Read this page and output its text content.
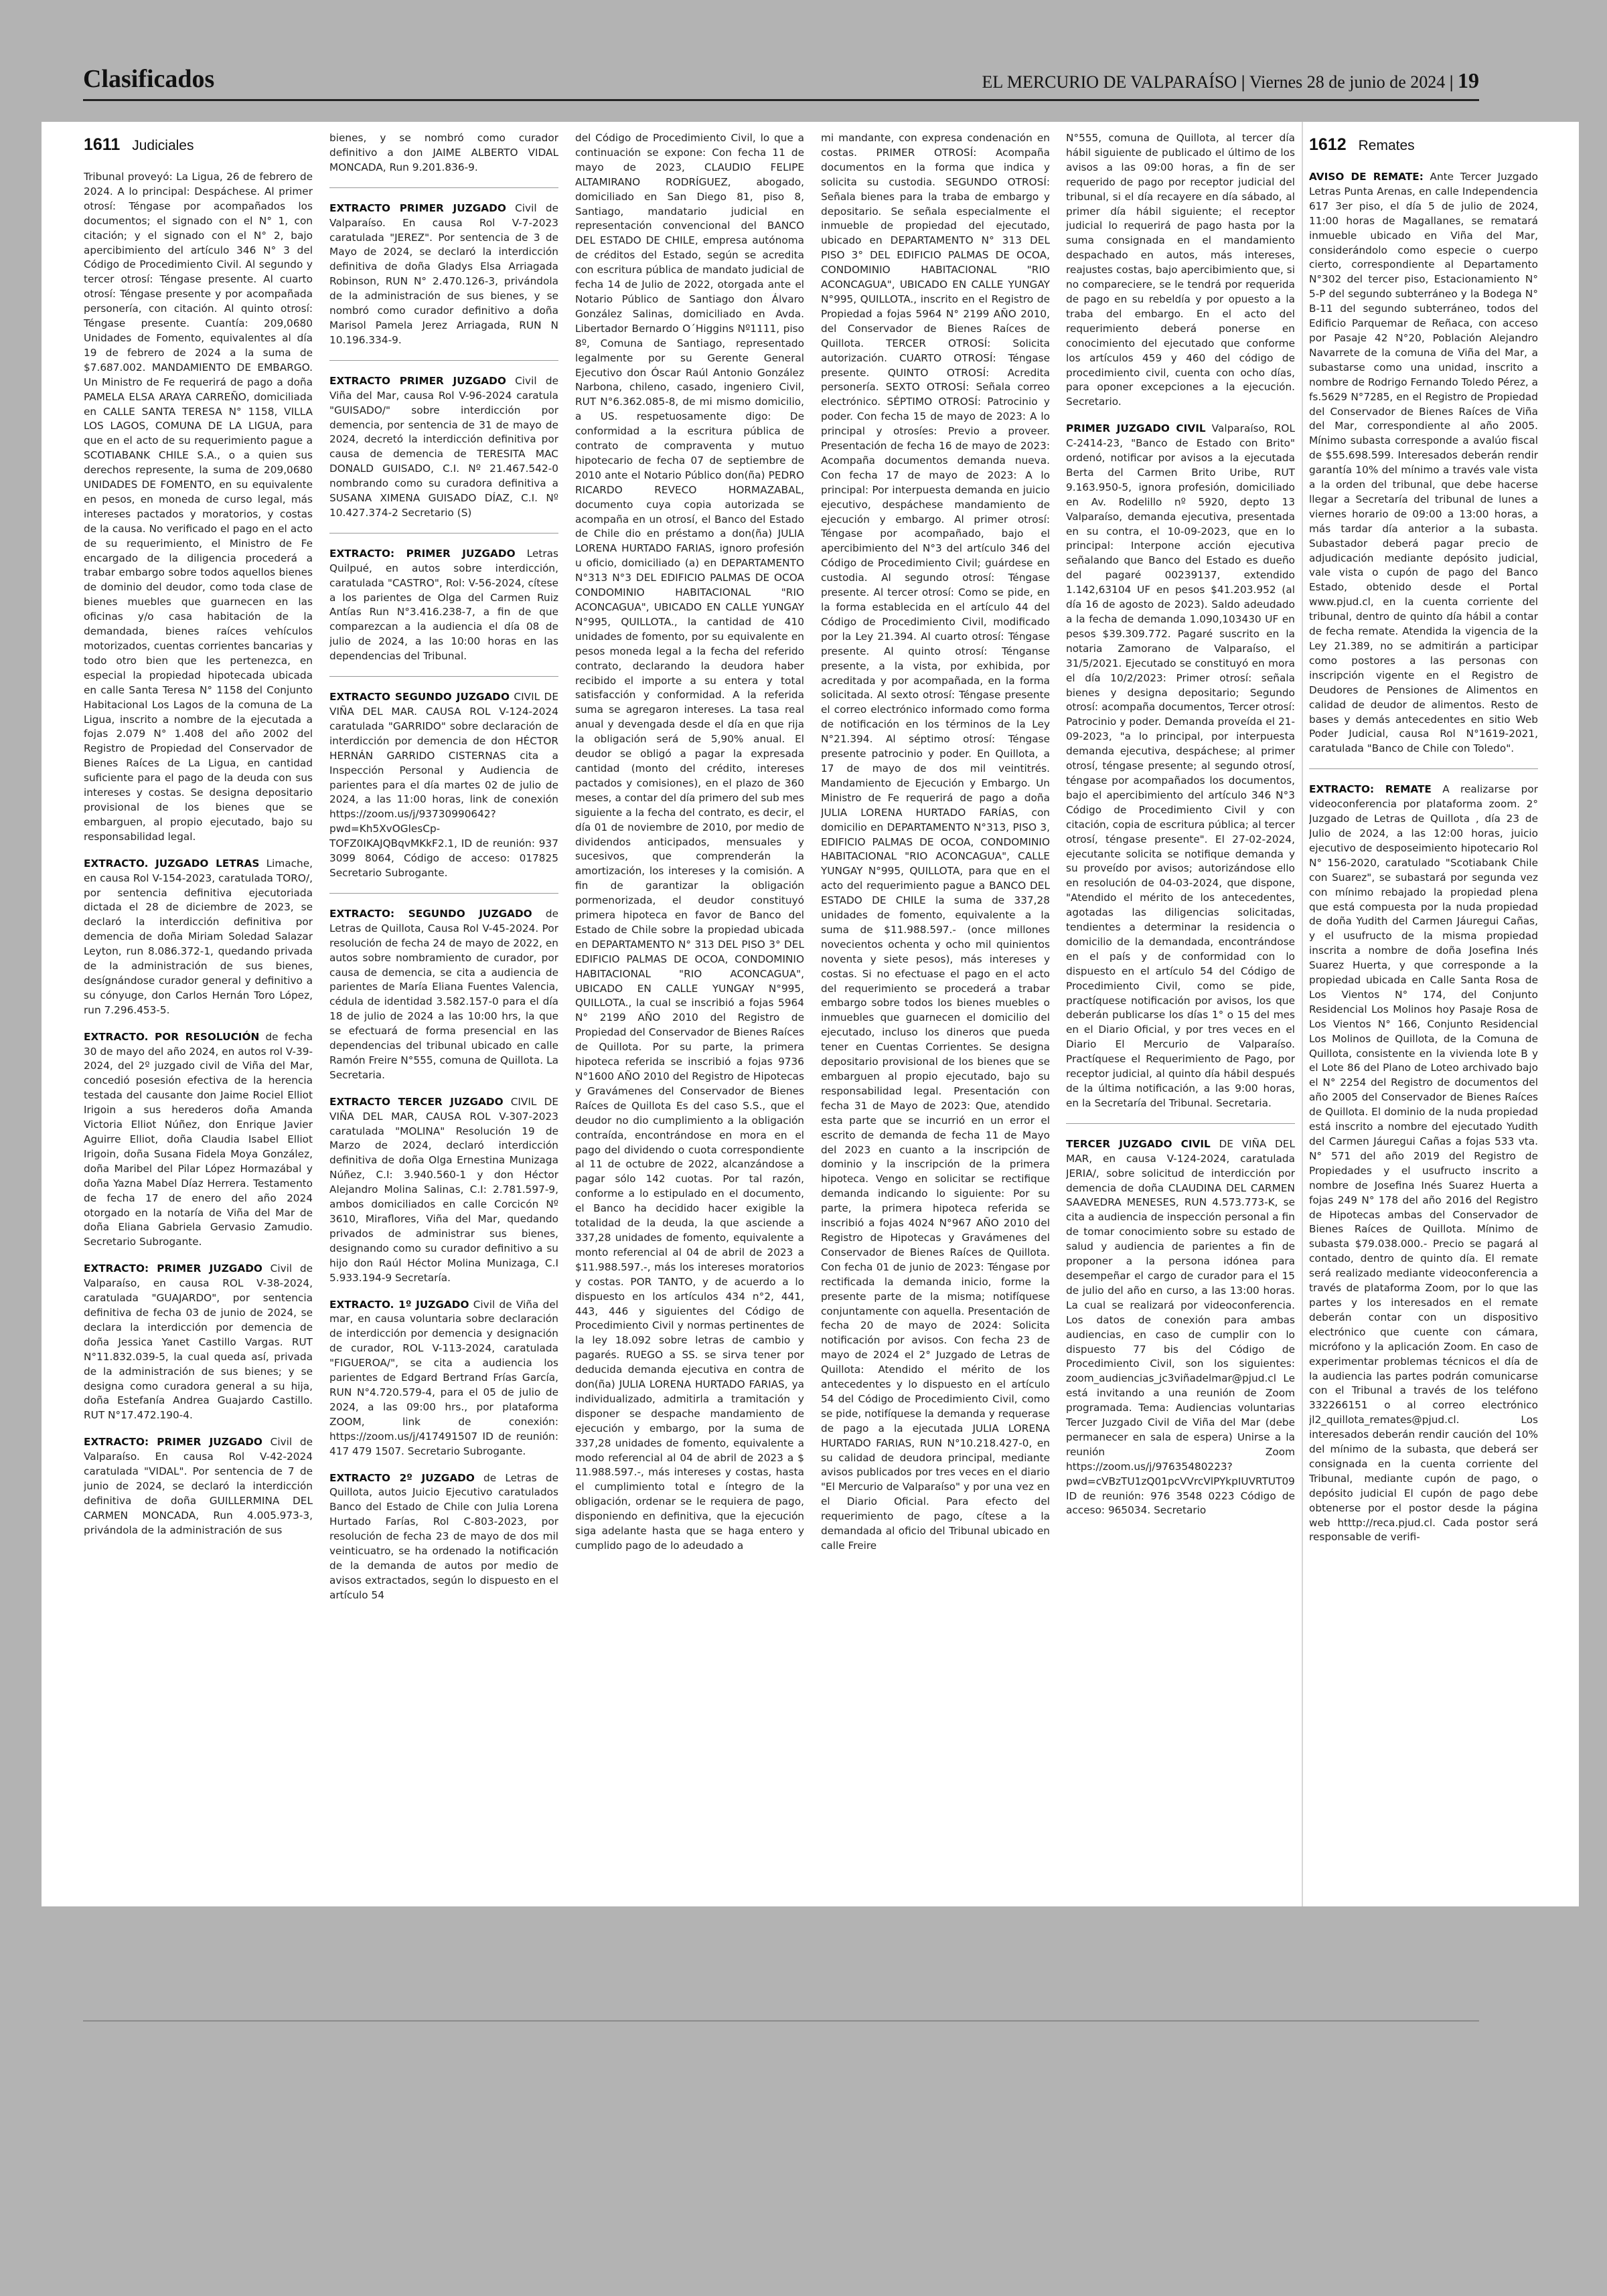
Clasificados	EL MERCURIO DE VALPARAÍSO | Viernes 28 de junio de 2024 | 19
1611 Judiciales

Tribunal proveyó: La Ligua, 26 de febrero de 2024. A lo principal: Despáchese. Al primer otrosí: Téngase por acompañados los documentos; el signado con el N° 1, con citación; y el signado con el N° 2, bajo apercibimiento del artículo 346 N° 3 del Código de Procedimiento Civil. Al segundo y tercer otrosí: Téngase presente. Al cuarto otrosí: Téngase presente y por acompañada personería, con citación. Al quinto otrosí: Téngase presente. Cuantía: 209,0680 Unidades de Fomento, equivalentes al día 19 de febrero de 2024 a la suma de $7.687.002. MANDAMIENTO DE EMBARGO. Un Ministro de Fe requerirá de pago a doña PAMELA ELSA ARAYA CARREÑO, domiciliada en CALLE SANTA TERESA N° 1158, VILLA LOS LAGOS, COMUNA DE LA LIGUA, para que en el acto de su requerimiento pague a SCOTIABANK CHILE S.A., o a quien sus derechos represente, la suma de 209,0680 UNIDADES DE FOMENTO, en su equivalente en pesos, en moneda de curso legal, más intereses pactados y moratorios, y costas de la causa. No verificado el pago en el acto de su requerimiento, el Ministro de Fe encargado de la diligencia procederá a trabar embargo sobre todos aquellos bienes de dominio del deudor, como toda clase de bienes muebles que guarnecen en las oficinas y/o casa habitación de la demandada, bienes raíces vehículos motorizados, cuentas corrientes bancarias y todo otro bien que les pertenezca, en especial la propiedad hipotecada ubicada en calle Santa Teresa N° 1158 del Conjunto Habitacional Los Lagos de la comuna de La Ligua, inscrito a nombre de la ejecutada a fojas 2.079 N° 1.408 del año 2002 del Registro de Propiedad del Conservador de Bienes Raíces de La Ligua, en cantidad suficiente para el pago de la deuda con sus intereses y costas. Se designa depositario provisional de los bienes que se embarguen, al propio ejecutado, bajo su responsabilidad legal.

EXTRACTO. JUZGADO LETRAS Limache, en causa Rol V-154-2023, caratulada TORO/, por sentencia definitiva ejecutoriada dictada el 28 de diciembre de 2023, se declaró la interdicción definitiva por demencia de doña Miriam Soledad Salazar Leyton, run 8.086.372-1, quedando privada de la administración de sus bienes, desígnándose curador general y definitivo a su cónyuge, don Carlos Hernán Toro López, run 7.296.453-5.

EXTRACTO. POR RESOLUCIÓN de fecha 30 de mayo del año 2024, en autos rol V-39-2024, del 2º juzgado civil de Viña del Mar, concedió posesión efectiva de la herencia testada del causante don Jaime Rociel Elliot Irigoin a sus herederos doña Amanda Victoria Elliot Núñez, don Enrique Javier Aguirre Elliot, doña Claudia Isabel Elliot Irigoin, doña Susana Fidela Moya González, doña Maribel del Pilar López Hormazábal y doña Yazna Mabel Díaz Herrera. Testamento de fecha 17 de enero del año 2024 otorgado en la notaría de Viña del Mar de doña Eliana Gabriela Gervasio Zamudio. Secretario Subrogante.

EXTRACTO: PRIMER JUZGADO Civil de Valparaíso, en causa ROL V-38-2024, caratulada "GUAJARDO", por sentencia definitiva de fecha 03 de junio de 2024, se declara la interdicción por demencia de doña Jessica Yanet Castillo Vargas. RUT N°11.832.039-5, la cual queda así, privada de la administración de sus bienes; y se designa como curadora general a su hija, doña Estefanía Andrea Guajardo Castillo. RUT N°17.472.190-4.

EXTRACTO: PRIMER JUZGADO Civil de Valparaíso. En causa Rol V-42-2024 caratulada "VIDAL". Por sentencia de 7 de junio de 2024, se declaró la interdicción definitiva de doña GUILLERMINA DEL CARMEN MONCADA, Run 4.005.973-3, privándola de la administración de sus

bienes, y se nombró como curador definitivo a don JAIME ALBERTO VIDAL MONCADA, Run 9.201.836-9.

EXTRACTO PRIMER JUZGADO Civil de Valparaíso. En causa Rol V-7-2023 caratulada "JEREZ". Por sentencia de 3 de Mayo de 2024, se declaró la interdicción definitiva de doña Gladys Elsa Arriagada Robinson, RUN N° 2.470.126-3, privándola de la administración de sus bienes, y se nombró como curador definitivo a doña Marisol Pamela Jerez Arriagada, RUN N 10.196.334-9.

EXTRACTO PRIMER JUZGADO Civil de Viña del Mar, causa Rol V-96-2024 caratula "GUISADO/" sobre interdicción por demencia, por sentencia de 31 de mayo de 2024, decretó la interdicción definitiva por causa de demencia de TERESITA MAC DONALD GUISADO, C.I. Nº 21.467.542-0 nombrando como su curadora definitiva a SUSANA XIMENA GUISADO DÍAZ, C.I. Nº 10.427.374-2 Secretario (S)

EXTRACTO: PRIMER JUZGADO Letras Quilpué, en autos sobre interdicción, caratulada "CASTRO", Rol: V-56-2024, cítese a los parientes de Olga del Carmen Ruiz Antías Run N°3.416.238-7, a fin de que comparezcan a la audiencia el día 08 de julio de 2024, a las 10:00 horas en las dependencias del Tribunal.

EXTRACTO SEGUNDO JUZGADO CIVIL DE VIÑA DEL MAR. CAUSA ROL V-124-2024 caratulada "GARRIDO" sobre declaración de interdicción por demencia de don HÉCTOR HERNÁN GARRIDO CISTERNAS cita a Inspección Personal y Audiencia de parientes para el día martes 02 de julio de 2024, a las 11:00 horas, link de conexión https://zoom.us/j/93730990642?pwd=Kh5XvOGlesCp-TOFZ0IKAJQBqvMKkF2.1, ID de reunión: 937 3099 8064, Código de acceso: 017825 Secretario Subrogante.

EXTRACTO: SEGUNDO JUZGADO de Letras de Quillota, Causa Rol V-45-2024. Por resolución de fecha 24 de mayo de 2022, en autos sobre nombramiento de curador, por causa de demencia, se cita a audiencia de parientes de María Eliana Fuentes Valencia, cédula de identidad 3.582.157-0 para el día 18 de julio de 2024 a las 10:00 hrs, la que se efectuará de forma presencial en las dependencias del tribunal ubicado en calle Ramón Freire N°555, comuna de Quillota. La Secretaria.

EXTRACTO TERCER JUZGADO CIVIL DE VIÑA DEL MAR, CAUSA ROL V-307-2023 caratulada "MOLINA" Resolución 19 de Marzo de 2024, declaró interdicción definitiva de doña Olga Ernestina Munizaga Núñez, C.I: 3.940.560-1 y don Héctor Alejandro Molina Salinas, C.I: 2.781.597-9, ambos domiciliados en calle Corcicón Nº 3610, Miraflores, Viña del Mar, quedando privados de administrar sus bienes, designando como su curador definitivo a su hijo don Raúl Héctor Molina Munizaga, C.I 5.933.194-9 Secretaría.

EXTRACTO. 1º JUZGADO Civil de Viña del mar, en causa voluntaria sobre declaración de interdicción por demencia y designación de curador, ROL V-113-2024, caratulada "FIGUEROA/", se cita a audiencia los parientes de Edgard Bertrand Frías García, RUN N°4.720.579-4, para el 05 de julio de 2024, a las 09:00 hrs., por plataforma ZOOM, link de conexión: https://zoom.us/j/417491507 ID de reunión: 417 479 1507. Secretario Subrogante.

EXTRACTO 2º JUZGADO de Letras de Quillota, autos Juicio Ejecutivo caratulados Banco del Estado de Chile con Julia Lorena Hurtado Farías, Rol C-803-2023, por resolución de fecha 23 de mayo de dos mil veinticuatro, se ha ordenado la notificación de la demanda de autos por medio de avisos extractados, según lo dispuesto en el artículo 54

del Código de Procedimiento Civil, lo que a continuación se expone: Con fecha 11 de mayo de 2023, CLAUDIO FELIPE ALTAMIRANO RODRÍGUEZ, abogado, domiciliado en San Diego 81, piso 8, Santiago, mandatario judicial en representación convencional del BANCO DEL ESTADO DE CHILE, empresa autónoma de créditos del Estado, según se acredita con escritura pública de mandato judicial de fecha 14 de Julio de 2022, otorgada ante el Notario Público de Santiago don Álvaro González Salinas, domiciliado en Avda. Libertador Bernardo O´Higgins Nº1111, piso 8º, Comuna de Santiago, representado legalmente por su Gerente General Ejecutivo don Óscar Raúl Antonio González Narbona, chileno, casado, ingeniero Civil, RUT N°6.362.085-8, de mi mismo domicilio, a US. respetuosamente digo: De conformidad a la escritura pública de contrato de compraventa y mutuo hipotecario de fecha 07 de septiembre de 2010 ante el Notario Público don(ña) PEDRO RICARDO REVECO HORMAZABAL, documento cuya copia autorizada se acompaña en un otrosí, el Banco del Estado de Chile dio en préstamo a don(ña) JULIA LORENA HURTADO FARIAS, ignoro profesión u oficio, domiciliado (a) en DEPARTAMENTO N°313 N°3 DEL EDIFICIO PALMAS DE OCOA CONDOMINIO HABITACIONAL "RIO ACONCAGUA", UBICADO EN CALLE YUNGAY N°995, QUILLOTA., la cantidad de 410 unidades de fomento, por su equivalente en pesos moneda legal a la fecha del referido contrato, declarando la deudora haber recibido el importe a su entera y total satisfacción y conformidad. A la referida suma se agregaron intereses. La tasa real anual y devengada desde el día en que rija la obligación será de 5,90% anual. El deudor se obligó a pagar la expresada cantidad (monto del crédito, intereses pactados y comisiones), en el plazo de 360 meses, a contar del día primero del sub mes siguiente a la fecha del contrato, es decir, el día 01 de noviembre de 2010, por medio de dividendos anticipados, mensuales y sucesivos, que comprenderán la amortización, los intereses y la comisión. A fin de garantizar la obligación pormenorizada, el deudor constituyó primera hipoteca en favor de Banco del Estado de Chile sobre la propiedad ubicada en DEPARTAMENTO N° 313 DEL PISO 3° DEL EDIFICIO PALMAS DE OCOA, CONDOMINIO HABITACIONAL "RIO ACONCAGUA", UBICADO EN CALLE YUNGAY N°995, QUILLOTA., la cual se inscribió a fojas 5964 N° 2199 AÑO 2010 del Registro de Propiedad del Conservador de Bienes Raíces de Quillota. Por su parte, la primera hipoteca referida se inscribió a fojas 9736 N°1600 AÑO 2010 del Registro de Hipotecas y Gravámenes del Conservador de Bienes Raíces de Quillota Es del caso S.S., que el deudor no dio cumplimiento a la obligación contraída, encontrándose en mora en el pago del dividendo o cuota correspondiente al 11 de octubre de 2022, alcanzándose a pagar sólo 142 cuotas. Por tal razón, conforme a lo estipulado en el documento, el Banco ha decidido hacer exigible la totalidad de la deuda, la que asciende a 337,28 unidades de fomento, equivalente a monto referencial al 04 de abril de 2023 a $11.988.597.-, más los intereses moratorios y costas. POR TANTO, y de acuerdo a lo dispuesto en los artículos 434 n°2, 441, 443, 446 y siguientes del Código de Procedimiento Civil y normas pertinentes de la ley 18.092 sobre letras de cambio y pagarés. RUEGO a SS. se sirva tener por deducida demanda ejecutiva en contra de don(ña) JULIA LORENA HURTADO FARIAS, ya individualizado, admitirla a tramitación y disponer se despache mandamiento de ejecución y embargo, por la suma de 337,28 unidades de fomento, equivalente a modo referencial al 04 de abril de 2023 a $ 11.988.597.-, más intereses y costas, hasta el cumplimiento total e íntegro de la obligación, ordenar se le requiera de pago, disponiendo en definitiva, que la ejecución siga adelante hasta que se haga entero y cumplido pago de lo adeudado a

mi mandante, con expresa condenación en costas. PRIMER OTROSÍ: Acompaña documentos en la forma que indica y solicita su custodia. SEGUNDO OTROSÍ: Señala bienes para la traba de embargo y depositario. Se señala especialmente el inmueble de propiedad del ejecutado, ubicado en DEPARTAMENTO N° 313 DEL PISO 3° DEL EDIFICIO PALMAS DE OCOA, CONDOMINIO HABITACIONAL "RIO ACONCAGUA", UBICADO EN CALLE YUNGAY N°995, QUILLOTA., inscrito en el Registro de Propiedad a fojas 5964 N° 2199 AÑO 2010, del Conservador de Bienes Raíces de Quillota. TERCER OTROSÍ: Solicita autorización. CUARTO OTROSÍ: Téngase presente. QUINTO OTROSÍ: Acredita personería. SEXTO OTROSÍ: Señala correo electrónico. SÉPTIMO OTROSÍ: Patrocinio y poder. Con fecha 15 de mayo de 2023: A lo principal y otrosíes: Previo a proveer. Presentación de fecha 16 de mayo de 2023: Acompaña documentos demanda nueva. Con fecha 17 de mayo de 2023: A lo principal: Por interpuesta demanda en juicio ejecutivo, despáchese mandamiento de ejecución y embargo. Al primer otrosí: Téngase por acompañado, bajo el apercibimiento del N°3 del artículo 346 del Código de Procedimiento Civil; guárdese en custodia. Al segundo otrosí: Téngase presente. Al tercer otrosí: Como se pide, en la forma establecida en el artículo 44 del Código de Procedimiento Civil, modificado por la Ley 21.394. Al cuarto otrosí: Téngase presente. Al quinto otrosí: Ténganse presente, a la vista, por exhibida, por acreditada y por acompañada, en la forma solicitada. Al sexto otrosí: Téngase presente el correo electrónico informado como forma de notificación en los términos de la Ley N°21.394. Al séptimo otrosí: Téngase presente patrocinio y poder. En Quillota, a 17 de mayo de dos mil veintitrés. Mandamiento de Ejecución y Embargo. Un Ministro de Fe requerirá de pago a doña JULIA LORENA HURTADO FARÍAS, con domicilio en DEPARTAMENTO N°313, PISO 3, EDIFICIO PALMAS DE OCOA, CONDOMINIO HABITACIONAL "RIO ACONCAGUA", CALLE YUNGAY N°995, QUILLOTA, para que en el acto del requerimiento pague a BANCO DEL ESTADO DE CHILE la suma de 337,28 unidades de fomento, equivalente a la suma de $11.988.597.- (once millones novecientos ochenta y ocho mil quinientos noventa y siete pesos), más intereses y costas. Si no efectuase el pago en el acto del requerimiento se procederá a trabar embargo sobre todos los bienes muebles o inmuebles que guarnecen el domicilio del ejecutado, incluso los dineros que pueda tener en Cuentas Corrientes. Se designa depositario provisional de los bienes que se embarguen al propio ejecutado, bajo su responsabilidad legal. Presentación con fecha 31 de Mayo de 2023: Que, atendido esta parte que se incurrió en un error el escrito de demanda de fecha 11 de Mayo del 2023 en cuanto a la inscripción de dominio y la inscripción de la primera hipoteca. Vengo en solicitar se rectifique demanda indicando lo siguiente: Por su parte, la primera hipoteca referida se inscribió a fojas 4024 N°967 AÑO 2010 del Registro de Hipotecas y Gravámenes del Conservador de Bienes Raíces de Quillota. Con fecha 01 de junio de 2023: Téngase por rectificada la demanda inicio, forme la presente parte de la misma; notifíquese conjuntamente con aquella. Presentación de fecha 20 de mayo de 2024: Solicita notificación por avisos. Con fecha 23 de mayo de 2024 el 2° Juzgado de Letras de Quillota: Atendido el mérito de los antecedentes y lo dispuesto en el artículo 54 del Código de Procedimiento Civil, como se pide, notifíquese la demanda y requerase de pago a la ejecutada JULIA LORENA HURTADO FARIAS, RUN N°10.218.427-0, en su calidad de deudora principal, mediante avisos publicados por tres veces en el diario "El Mercurio de Valparaíso" y por una vez en el Diario Oficial. Para efecto del requerimiento de pago, cítese a la demandada al oficio del Tribunal ubicado en calle Freire

N°555, comuna de Quillota, al tercer día hábil siguiente de publicado el último de los avisos a las 09:00 horas, a fin de ser requerido de pago por receptor judicial del tribunal, si el día recayere en día sábado, al primer día hábil siguiente; el receptor judicial lo requerirá de pago hasta por la suma consignada en el mandamiento despachado en autos, más intereses, reajustes costas, bajo apercibimiento que, si no compareciere, se le tendrá por requerida de pago en su rebeldía y por opuesto a la traba del embargo. En el acto del requerimiento deberá ponerse en conocimiento del ejecutado que conforme los artículos 459 y 460 del código de procedimiento civil, cuenta con ocho días, para oponer excepciones a la ejecución. Secretario.

PRIMER JUZGADO CIVIL Valparaíso, ROL C-2414-23, "Banco de Estado con Brito" ordenó, notificar por avisos a la ejecutada Berta del Carmen Brito Uribe, RUT 9.163.950-5, ignora profesión, domiciliado en Av. Rodelillo nº 5920, depto 13 Valparaíso, demanda ejecutiva, presentada en su contra, el 10-09-2023, que en lo principal: Interpone acción ejecutiva señalando que Banco del Estado es dueño del pagaré 00239137, extendido 1.142,63104 UF en pesos $41.203.952 (al día 16 de agosto de 2023). Saldo adeudado a la fecha de demanda 1.090,103430 UF en pesos $39.309.772. Pagaré suscrito en la notaria Zamorano de Valparaíso, el 31/5/2021. Ejecutado se constituyó en mora el día 10/2/2023: Primer otrosí: señala bienes y designa depositario; Segundo otrosí: acompaña documentos, Tercer otrosí: Patrocinio y poder. Demanda proveída el 21-09-2023, "a lo principal, por interpuesta demanda ejecutiva, despáchese; al primer otrosí, téngase presente; al segundo otrosí, téngase por acompañados los documentos, bajo el apercibimiento del artículo 346 N°3 Código de Procedimiento Civil y con citación, copia de escritura pública; al tercer otrosí, téngase presente". El 27-02-2024, ejecutante solicita se notifique demanda y su proveído por avisos; autorizándose ello en resolución de 04-03-2024, que dispone, "Atendido el mérito de los antecedentes, agotadas las diligencias solicitadas, tendientes a determinar la residencia o domicilio de la demandada, encontrándose en el país y de conformidad con lo dispuesto en el artículo 54 del Código de Procedimiento Civil, como se pide, practíquese notificación por avisos, los que deberán publicarse los días 1° o 15 del mes en el Diario Oficial, y por tres veces en el Diario El Mercurio de Valparaíso. Practíquese el Requerimiento de Pago, por receptor judicial, al quinto día hábil después de la última notificación, a las 9:00 horas, en la Secretaría del Tribunal. Secretaria.

TERCER JUZGADO CIVIL DE VIÑA DEL MAR, en causa V-124-2024, caratulada JERIA/, sobre solicitud de interdicción por demencia de doña CLAUDINA DEL CARMEN SAAVEDRA MENESES, RUN 4.573.773-K, se cita a audiencia de inspección personal a fin de tomar conocimiento sobre su estado de salud y audiencia de parientes a fin de proponer a la persona idónea para desempeñar el cargo de curador para el 15 de julio del año en curso, a las 13:00 horas. La cual se realizará por videoconferencia. Los datos de conexión para ambas audiencias, en caso de cumplir con lo dispuesto 77 bis del Código de Procedimiento Civil, son los siguientes: zoom_audiencias_jc3viñadelmar@pjud.cl Le está invitando a una reunión de Zoom programada. Tema: Audiencias voluntarias Tercer Juzgado Civil de Viña del Mar (debe permanecer en sala de espera) Unirse a la reunión Zoom https://zoom.us/j/97635480223?pwd=cVBzTU1zQ01pcVVrcVlPYkpIUVRTUT09 ID de reunión: 976 3548 0223 Código de acceso: 965034. Secretario

1612 Remates

AVISO DE REMATE: Ante Tercer Juzgado Letras Punta Arenas, en calle Independencia 617 3er piso, el día 5 de julio de 2024, 11:00 horas de Magallanes, se rematará inmueble ubicado en Viña del Mar, considerándolo como especie o cuerpo cierto, correspondiente al Departamento N°302 del tercer piso, Estacionamiento N° 5-P del segundo subterráneo y la Bodega N° B-11 del segundo subterráneo, todos del Edificio Parquemar de Reñaca, con acceso por Pasaje 42 N°20, Población Alejandro Navarrete de la comuna de Viña del Mar, a subastarse como una unidad, inscrito a nombre de Rodrigo Fernando Toledo Pérez, a fs.5629 N°7285, en el Registro de Propiedad del Conservador de Bienes Raíces de Viña del Mar, correspondiente al año 2005. Mínimo subasta corresponde a avalúo fiscal de $55.698.599. Interesados deberán rendir garantía 10% del mínimo a través vale vista a la orden del tribunal, que debe hacerse llegar a Secretaría del tribunal de lunes a viernes horario de 09:00 a 13:00 horas, a más tardar día anterior a la subasta. Subastador deberá pagar precio de adjudicación mediante depósito judicial, vale vista o cupón de pago del Banco Estado, obtenido desde el Portal www.pjud.cl, en la cuenta corriente del tribunal, dentro de quinto día hábil a contar de fecha remate. Atendida la vigencia de la Ley 21.389, no se admitirán a participar como postores a las personas con inscripción vigente en el Registro de Deudores de Pensiones de Alimentos en calidad de deudor de alimentos. Resto de bases y demás antecedentes en sitio Web Poder Judicial, causa Rol N°1619-2021, caratulada "Banco de Chile con Toledo".

EXTRACTO: REMATE A realizarse por videoconferencia por plataforma zoom. 2° Juzgado de Letras de Quillota , día 23 de Julio de 2024, a las 12:00 horas, juicio ejecutivo de desposeimiento hipotecario Rol N° 156-2020, caratulado "Scotiabank Chile con Suarez", se subastará por segunda vez con mínimo rebajado la propiedad plena que está compuesta por la nuda propiedad de doña Yudith del Carmen Jáuregui Cañas, y el usufructo de la misma propiedad inscrita a nombre de doña Josefina Inés Suarez Huerta, y que corresponde a la propiedad ubicada en Calle Santa Rosa de Los Vientos N° 174, del Conjunto Residencial Los Molinos hoy Pasaje Rosa de Los Vientos N° 166, Conjunto Residencial Los Molinos de Quillota, de la Comuna de Quillota, consistente en la vivienda lote B y el Lote 86 del Plano de Loteo archivado bajo el N° 2254 del Registro de documentos del año 2005 del Conservador de Bienes Raíces de Quillota. El dominio de la nuda propiedad está inscrito a nombre del ejecutado Yudith del Carmen Jáuregui Cañas a fojas 533 vta. N° 571 del año 2019 del Registro de Propiedades y el usufructo inscrito a nombre de Josefina Inés Suarez Huerta a fojas 249 N° 178 del año 2016 del Registro de Hipotecas ambas del Conservador de Bienes Raíces de Quillota. Mínimo de subasta $79.038.000.- Precio se pagará al contado, dentro de quinto día. El remate será realizado mediante videoconferencia a través de plataforma Zoom, por lo que las partes y los interesados en el remate deberán contar con un dispositivo electrónico que cuente con cámara, micrófono y la aplicación Zoom. En caso de experimentar problemas técnicos el día de la audiencia las partes podrán comunicarse con el Tribunal a través de los teléfono 332266151 o al correo electrónico jl2_quillota_remates@pjud.cl. Los interesados deberán rendir caución del 10% del mínimo de la subasta, que deberá ser consignada en la cuenta corriente del Tribunal, mediante cupón de pago, o depósito judicial El cupón de pago debe obtenerse por el postor desde la página web htttp://reca.pjud.cl. Cada postor será responsable de verifi-
